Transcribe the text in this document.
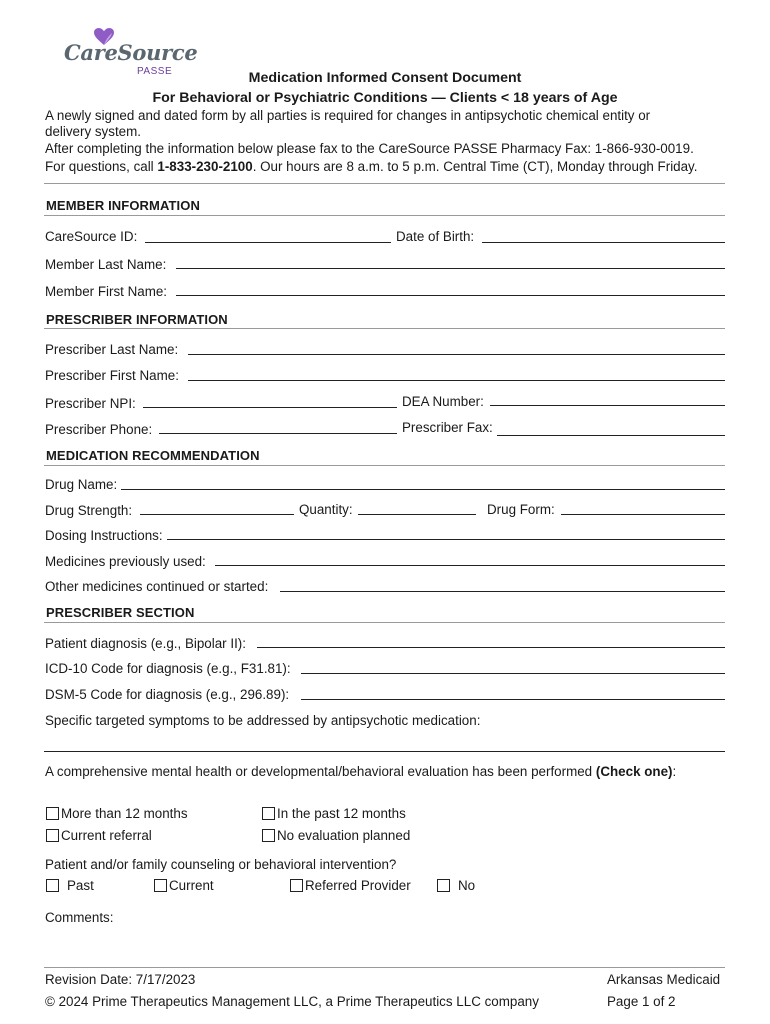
CareSource
PASSE	Medication Informed Consent Document
For Behavioral or Psychiatric Conditions — Clients < 18 years of Age
A newly signed and dated form by all parties is required for changes in antipsychotic chemical entity or
delivery system.
After completing the information below please fax to the CareSource PASSE Pharmacy Fax: 1-866-930-0019.
For questions, call 1-833-230-2100. Our hours are 8 a.m. to 5 p.m. Central Time (CT), Monday through Friday.
MEMBER INFORMATION
CareSource ID:	Date of Birth:
Member Last Name:
Member First Name:
PRESCRIBER INFORMATION
Prescriber Last Name:
Prescriber First Name:
Prescriber NPI:	DEA Number:
Prescriber Phone:	Prescriber Fax:
MEDICATION RECOMMENDATION
Drug Name:
Drug Strength:	Quantity:	Drug Form:
Dosing Instructions:
Medicines previously used:
Other medicines continued or started:
PRESCRIBER SECTION
Patient diagnosis (e.g., Bipolar II):
ICD-10 Code for diagnosis (e.g., F31.81):
DSM-5 Code for diagnosis (e.g., 296.89):
Specific targeted symptoms to be addressed by antipsychotic medication:
A comprehensive mental health or developmental/behavioral evaluation has been performed (Check one):
More than 12 months	In the past 12 months
Current referral	No evaluation planned
Patient and/or family counseling or behavioral intervention?
Past	Current	Referred Provider	No
Comments:
Revision Date: 7/17/2023
© 2024 Prime Therapeutics Management LLC, a Prime Therapeutics LLC company
Arkansas Medicaid
Page 1 of 2
